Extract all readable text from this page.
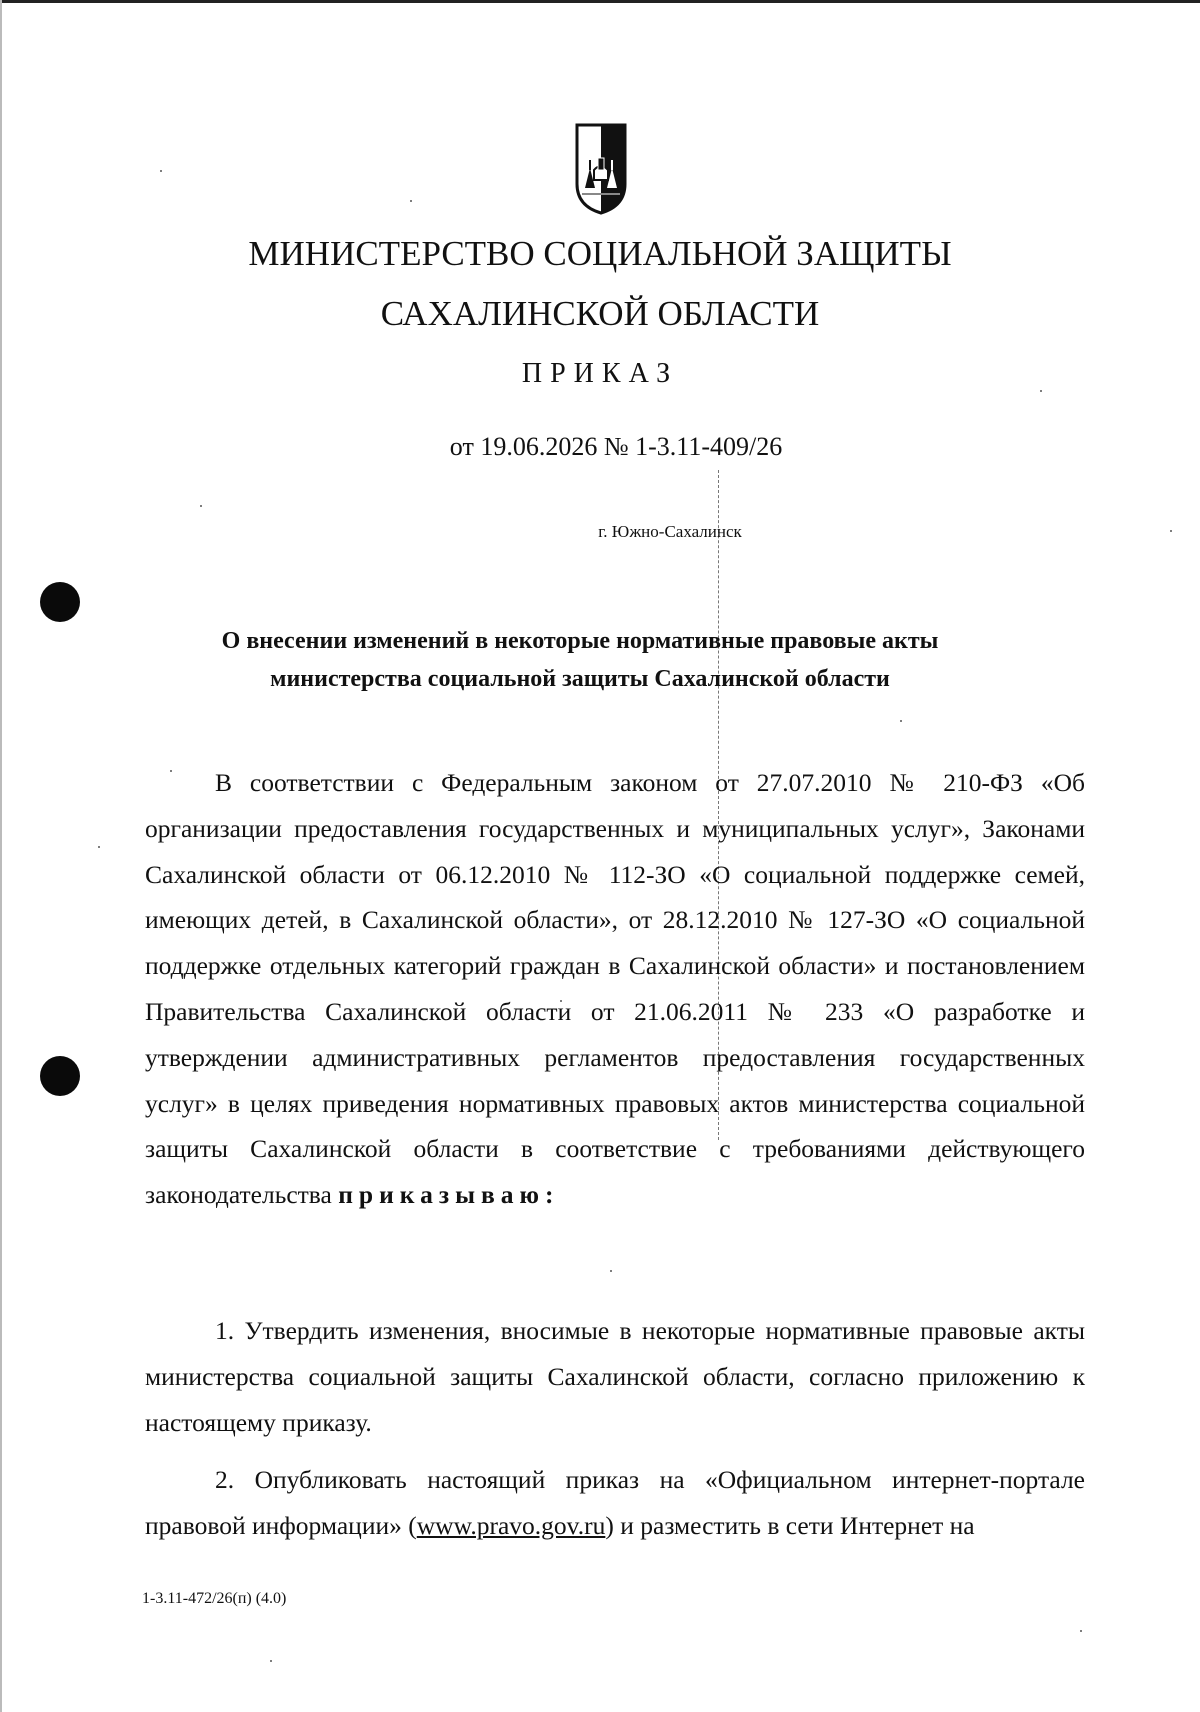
МИНИСТЕРСТВО СОЦИАЛЬНОЙ ЗАЩИТЫ
САХАЛИНСКОЙ ОБЛАСТИ
ПРИКАЗ
от 19.06.2026 № 1-3.11-409/26
г. Южно-Сахалинск
О внесении изменений в некоторые нормативные правовые акты
министерства социальной защиты Сахалинской области
В соответствии с Федеральным законом от 27.07.2010 № 210-ФЗ «Об организации предоставления государственных и муниципальных услуг», Законами Сахалинской области от 06.12.2010 № 112-ЗО «О социальной поддержке семей, имеющих детей, в Сахалинской области», от 28.12.2010 № 127-ЗО «О социальной поддержке отдельных категорий граждан в Сахалинской области» и постановлением Правительства Сахалинской области от 21.06.2011 № 233 «О разработке и утверждении административных регламентов предоставления государственных услуг» в целях приведения нормативных правовых актов министерства социальной защиты Сахалинской области в соответствие с требованиями действующего законодательства приказываю:
1. Утвердить изменения, вносимые в некоторые нормативные правовые акты министерства социальной защиты Сахалинской области, согласно приложению к настоящему приказу.
2. Опубликовать настоящий приказ на «Официальном интернет-портале правовой информации» (www.pravo.gov.ru) и разместить в сети Интернет на
1-3.11-472/26(п) (4.0)
